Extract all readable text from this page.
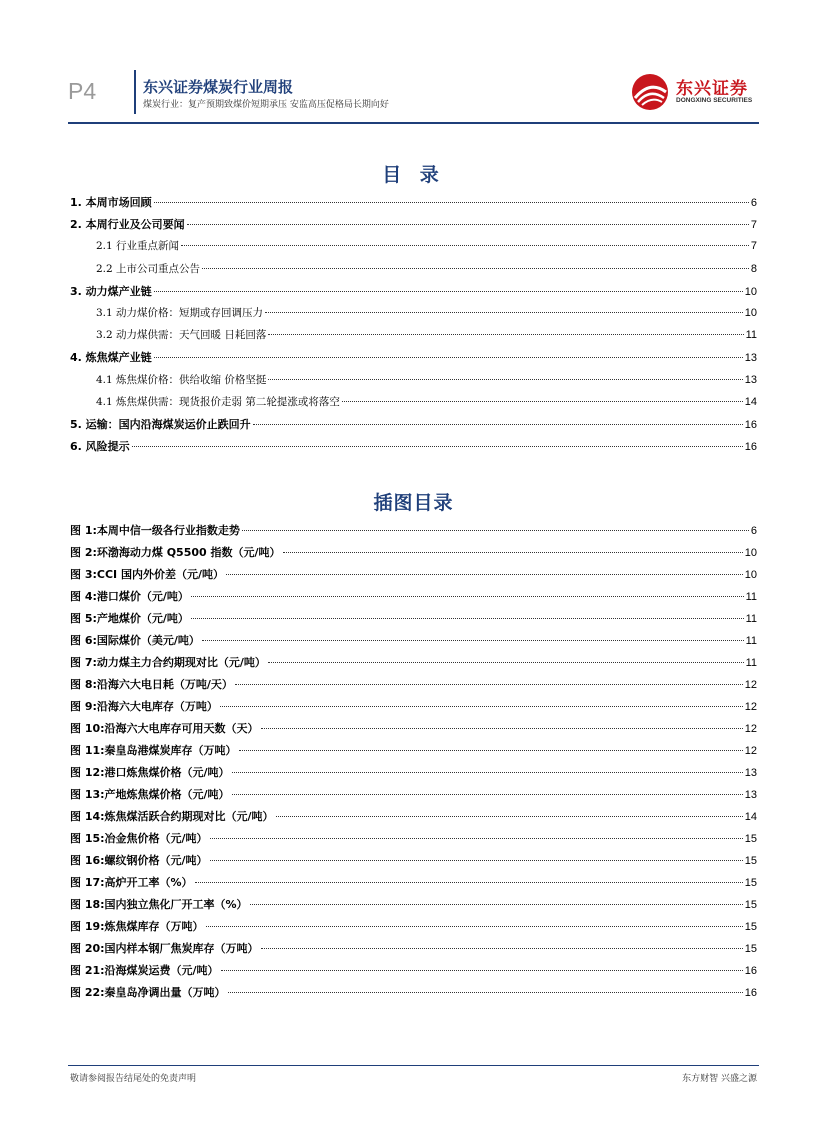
P4	东兴证券煤炭行业周报
煤炭行业：复产预期致煤价短期承压 安监高压促格局长期向好
东兴证券
DONGXING SECURITIES
目 录
1. 本周市场回顾	6
2. 本周行业及公司要闻	7
2.1 行业重点新闻	7
2.2 上市公司重点公告	8
3. 动力煤产业链	10
3.1 动力煤价格：短期或存回调压力	10
3.2 动力煤供需：天气回暖 日耗回落	11
4. 炼焦煤产业链	13
4.1 炼焦煤价格：供给收缩 价格坚挺	13
4.1 炼焦煤供需：现货报价走弱 第二轮提涨或将落空	14
5. 运输：国内沿海煤炭运价止跌回升	16
6. 风险提示	16
插图目录
图 1:本周中信一级各行业指数走势	6
图 2:环渤海动力煤 Q5500 指数（元/吨）	10
图 3:CCI 国内外价差（元/吨）	10
图 4:港口煤价（元/吨）	11
图 5:产地煤价（元/吨）	11
图 6:国际煤价（美元/吨）	11
图 7:动力煤主力合约期现对比（元/吨）	11
图 8:沿海六大电日耗（万吨/天）	12
图 9:沿海六大电库存（万吨）	12
图 10:沿海六大电库存可用天数（天）	12
图 11:秦皇岛港煤炭库存（万吨）	12
图 12:港口炼焦煤价格（元/吨）	13
图 13:产地炼焦煤价格（元/吨）	13
图 14:炼焦煤活跃合约期现对比（元/吨）	14
图 15:冶金焦价格（元/吨）	15
图 16:螺纹钢价格（元/吨）	15
图 17:高炉开工率（%）	15
图 18:国内独立焦化厂开工率（%）	15
图 19:炼焦煤库存（万吨）	15
图 20:国内样本钢厂焦炭库存（万吨）	15
图 21:沿海煤炭运费（元/吨）	16
图 22:秦皇岛净调出量（万吨）	16
敬请参阅报告结尾处的免责声明	东方财智 兴盛之源
